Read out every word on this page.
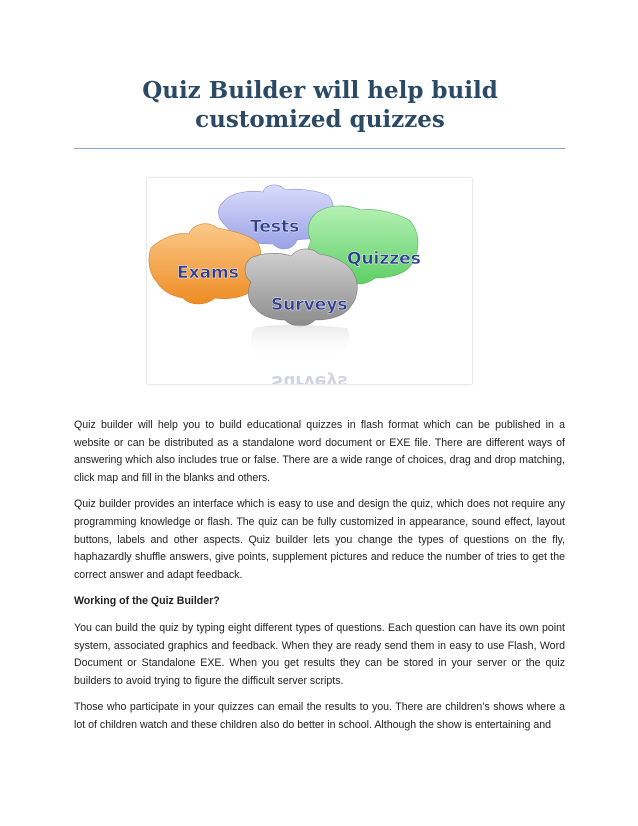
Quiz Builder will help build customized quizzes
Tests
Quizzes
Exams
Surveys
Surveys

Quiz builder will help you to build educational quizzes in flash format which can be published in a website or can be distributed as a standalone word document or EXE file. There are different ways of answering which also includes true or false. There are a wide range of choices, drag and drop matching, click map and fill in the blanks and others.

Quiz builder provides an interface which is easy to use and design the quiz, which does not require any programming knowledge or flash. The quiz can be fully customized in appearance, sound effect, layout buttons, labels and other aspects. Quiz builder lets you change the types of questions on the fly, haphazardly shuffle answers, give points, supplement pictures and reduce the number of tries to get the correct answer and adapt feedback.

Working of the Quiz Builder?

You can build the quiz by typing eight different types of questions. Each question can have its own point system, associated graphics and feedback. When they are ready send them in easy to use Flash, Word Document or Standalone EXE. When you get results they can be stored in your server or the quiz builders to avoid trying to figure the difficult server scripts.

Those who participate in your quizzes can email the results to you. There are children’s shows where a lot of children watch and these children also do better in school. Although the show is entertaining and
